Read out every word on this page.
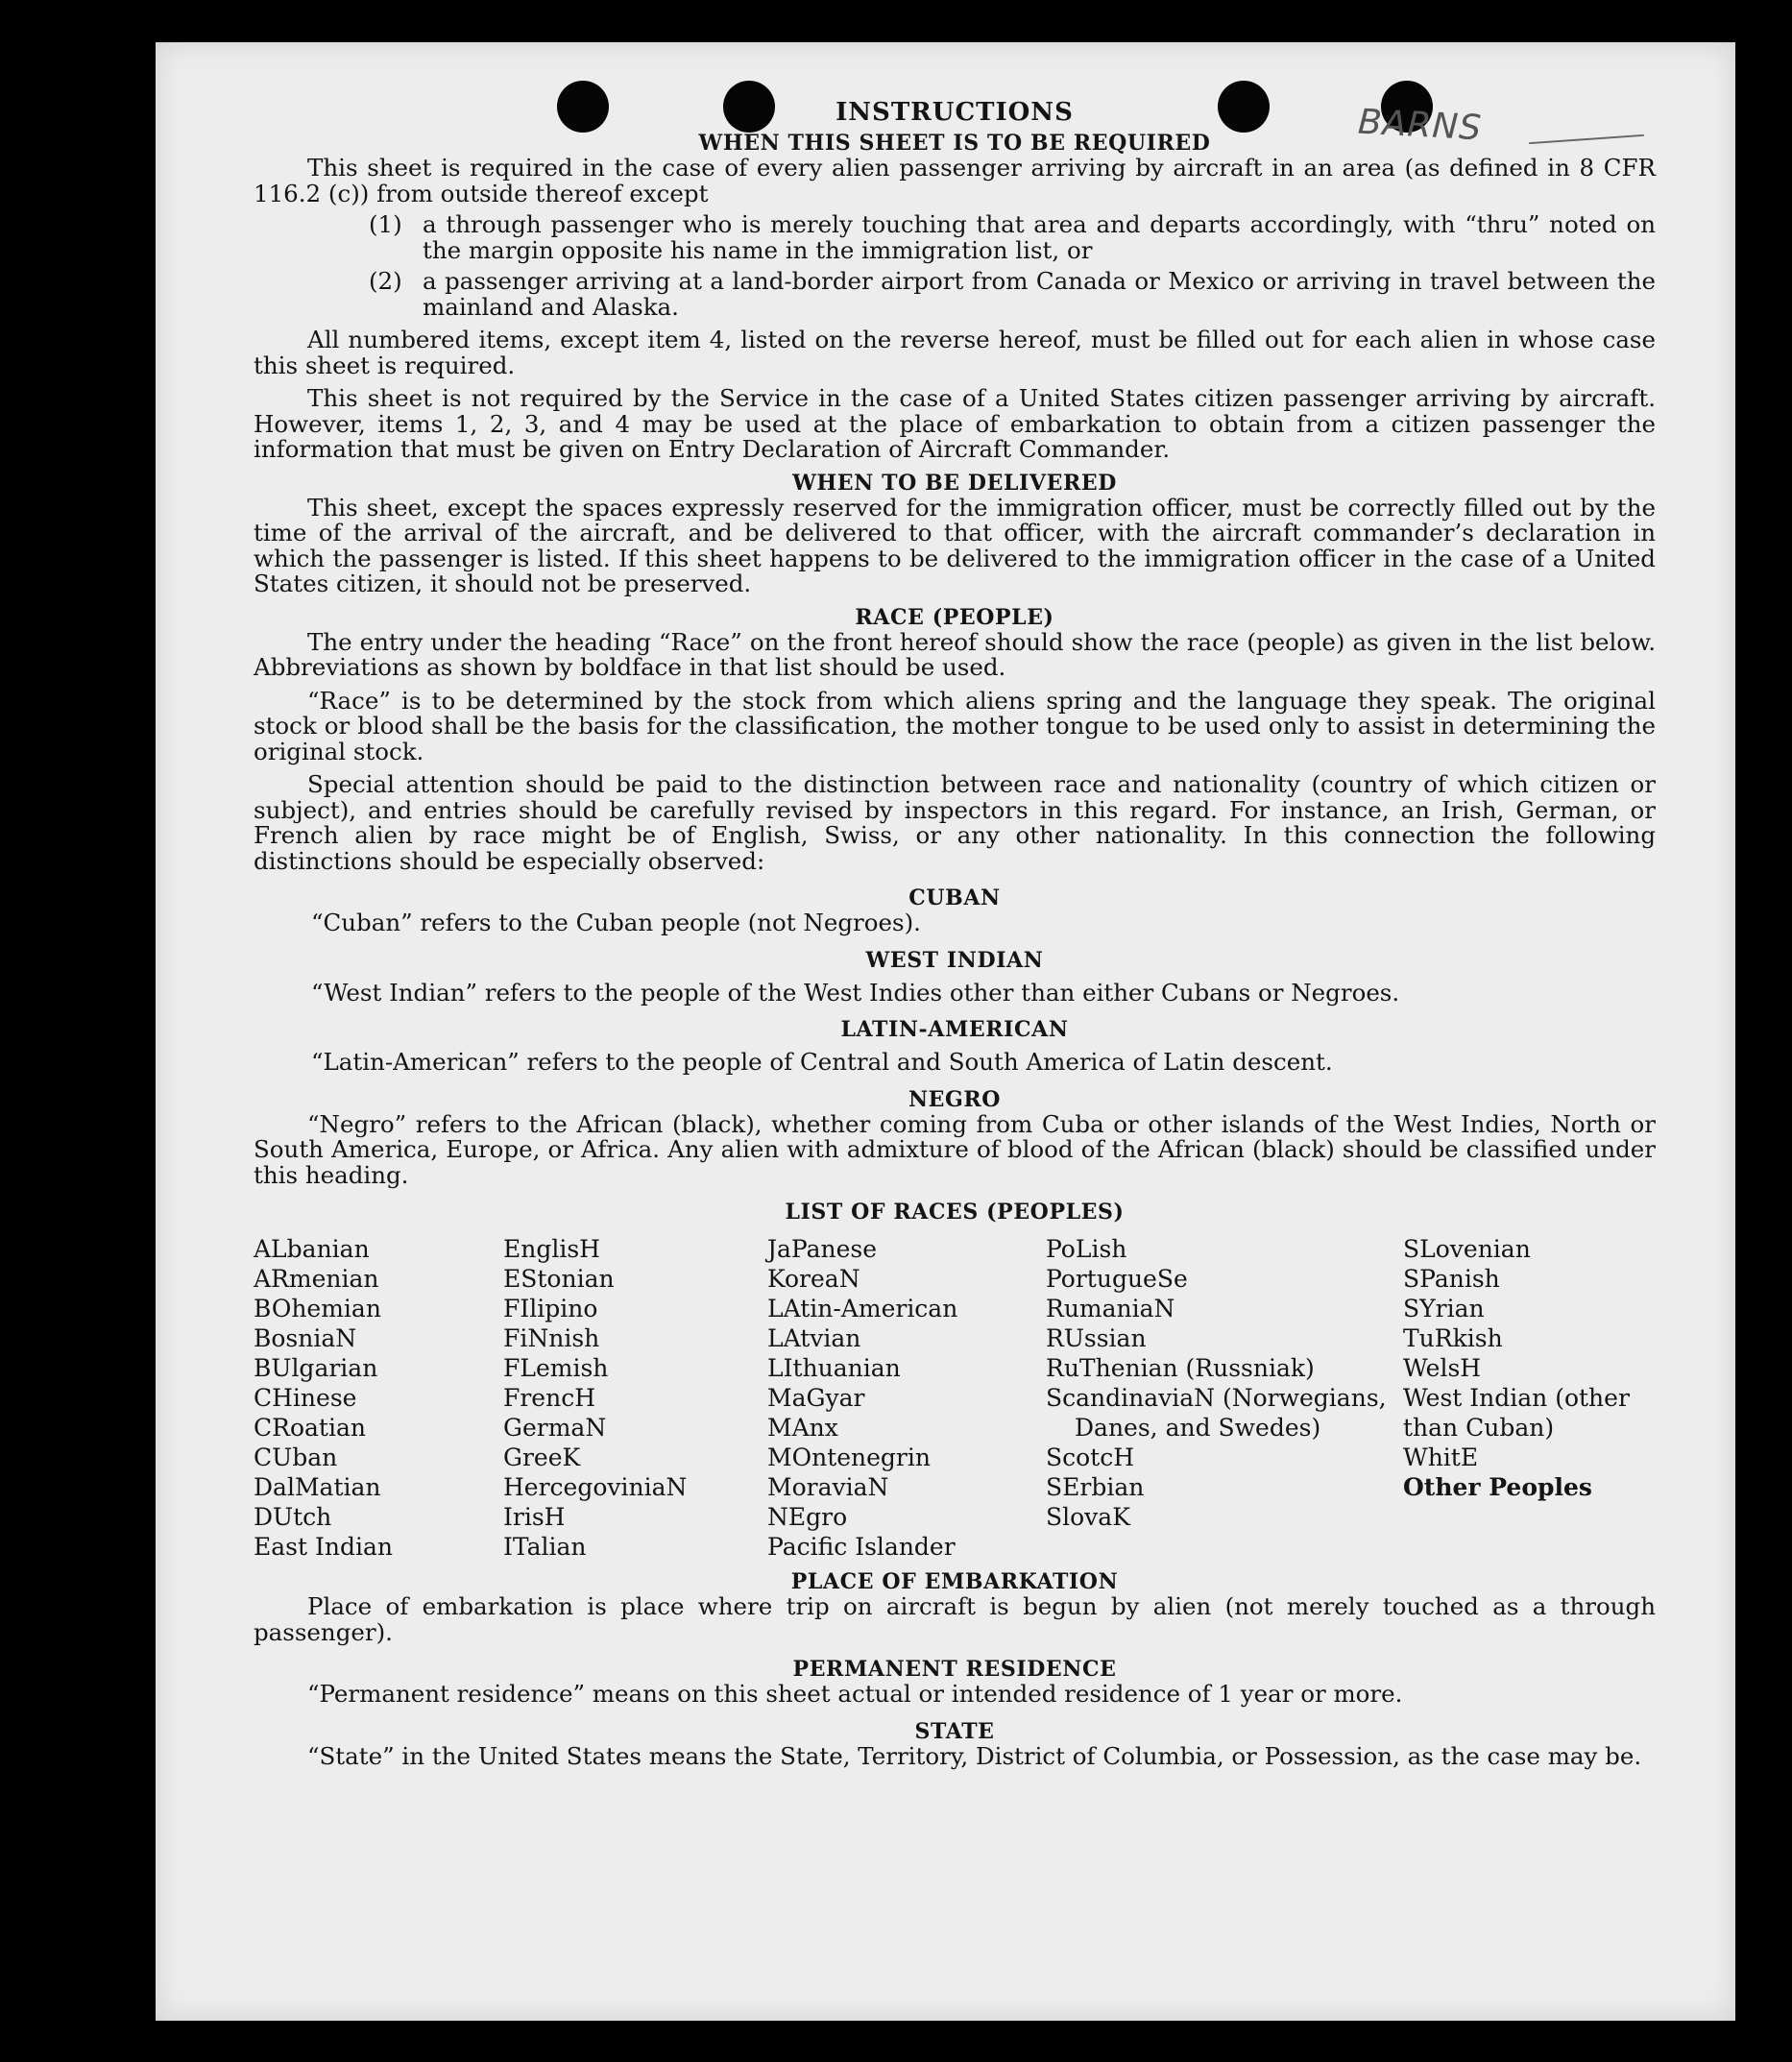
BARNS
INSTRUCTIONS
WHEN THIS SHEET IS TO BE REQUIRED

This sheet is required in the case of every alien passenger arriving by aircraft in an area (as defined in 8 CFR 116.2 (c)) from outside thereof except

(1) a through passenger who is merely touching that area and departs accordingly, with “thru” noted on the margin opposite his name in the immigration list, or
(2) a passenger arriving at a land-border airport from Canada or Mexico or arriving in travel between the mainland and Alaska.

All numbered items, except item 4, listed on the reverse hereof, must be filled out for each alien in whose case this sheet is required.

This sheet is not required by the Service in the case of a United States citizen passenger arriving by aircraft. However, items 1, 2, 3, and 4 may be used at the place of embarkation to obtain from a citizen passenger the information that must be given on Entry Declaration of Aircraft Commander.

WHEN TO BE DELIVERED

This sheet, except the spaces expressly reserved for the immigration officer, must be correctly filled out by the time of the arrival of the aircraft, and be delivered to that officer, with the aircraft commander’s declaration in which the passenger is listed. If this sheet happens to be delivered to the immigration officer in the case of a United States citizen, it should not be preserved.

RACE (PEOPLE)

The entry under the heading “Race” on the front hereof should show the race (people) as given in the list below. Abbreviations as shown by boldface in that list should be used.

“Race” is to be determined by the stock from which aliens spring and the language they speak. The original stock or blood shall be the basis for the classification, the mother tongue to be used only to assist in determining the original stock.

Special attention should be paid to the distinction between race and nationality (country of which citizen or subject), and entries should be carefully revised by inspectors in this regard. For instance, an Irish, German, or French alien by race might be of English, Swiss, or any other nationality. In this connection the following distinctions should be especially observed:

CUBAN

“Cuban” refers to the Cuban people (not Negroes).

WEST INDIAN

“West Indian” refers to the people of the West Indies other than either Cubans or Negroes.

LATIN-AMERICAN

“Latin-American” refers to the people of Central and South America of Latin descent.

NEGRO

“Negro” refers to the African (black), whether coming from Cuba or other islands of the West Indies, North or South America, Europe, or Africa. Any alien with admixture of blood of the African (black) should be classified under this heading.

LIST OF RACES (PEOPLES)
ALbanian
ARmenian
BOhemian
BosniaN
BUlgarian
CHinese
CRoatian
CUban
DalMatian
DUtch
East Indian
EnglisH
EStonian
FIlipino
FiNnish
FLemish
FrencH
GermaN
GreeK
HercegoviniaN
IrisH
ITalian
JaPanese
KoreaN
LAtin-American
LAtvian
LIthuanian
MaGyar
MAnx
MOntenegrin
MoraviaN
NEgro
Pacific Islander
PoLish
PortugueSe
RumaniaN
RUssian
RuThenian (Russniak)
ScandinaviaN (Norwegians, Danes, and Swedes)
ScotcH
SErbian
SlovaK
SLovenian
SPanish
SYrian
TuRkish
WelsH
West Indian (other than Cuban)
WhitE
Other Peoples
PLACE OF EMBARKATION

Place of embarkation is place where trip on aircraft is begun by alien (not merely touched as a through passenger).

PERMANENT RESIDENCE

“Permanent residence” means on this sheet actual or intended residence of 1 year or more.

STATE

“State” in the United States means the State, Territory, District of Columbia, or Possession, as the case may be.
